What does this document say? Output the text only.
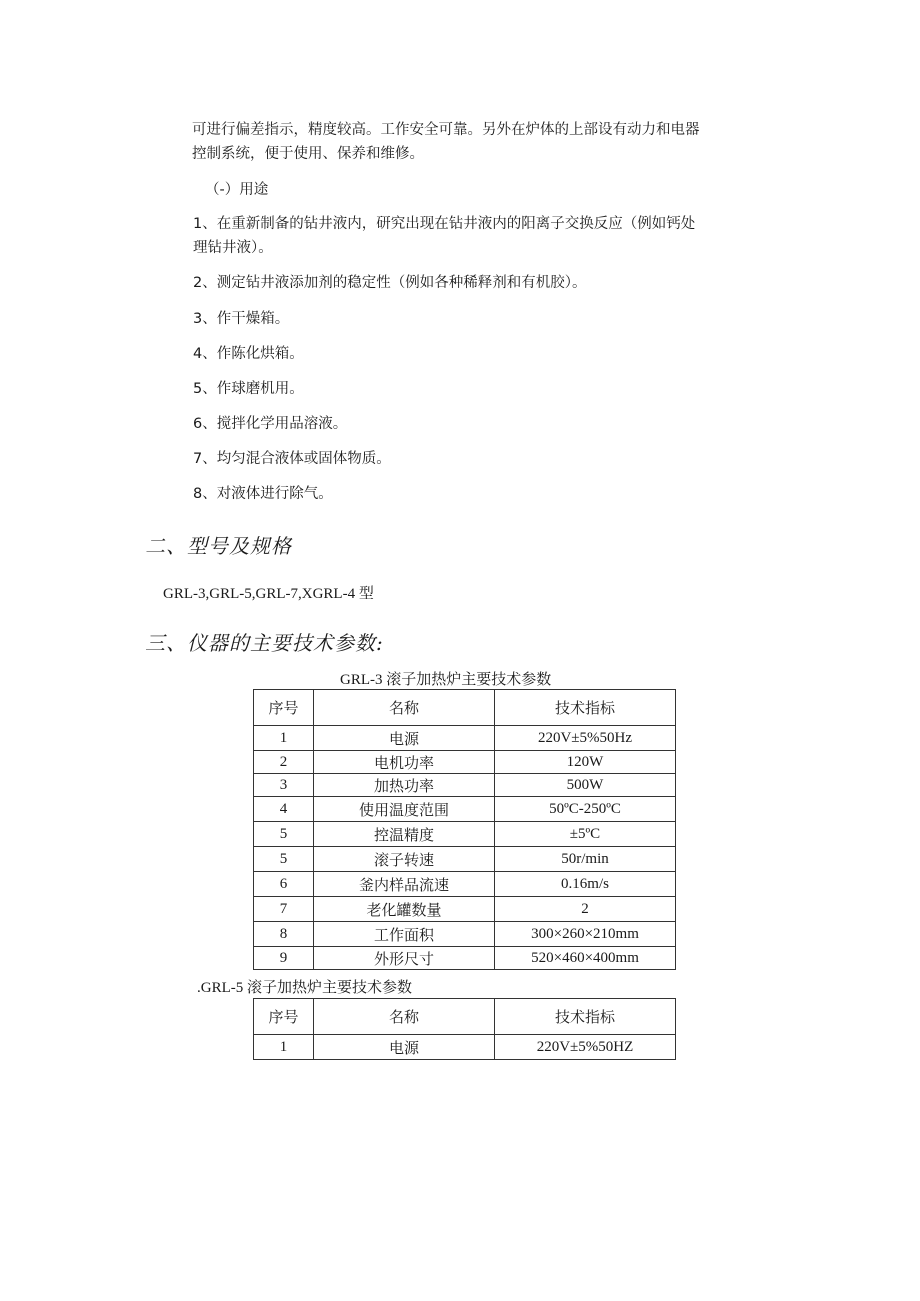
可进行偏差指示，精度较高。工作安全可靠。另外在炉体的上部设有动力和电器
控制系统，便于使用、保养和维修。
（-）用途
1、在重新制备的钻井液内，研究出现在钻井液内的阳离子交换反应（例如钙处
理钻井液）。
2、测定钻井液添加剂的稳定性（例如各种稀释剂和有机胶）。
3、作干燥箱。
4、作陈化烘箱。
5、作球磨机用。
6、搅拌化学用品溶液。
7、均匀混合液体或固体物质。
8、对液体进行除气。
二、型号及规格
GRL-3,GRL-5,GRL-7,XGRL-4 型
三、仪器的主要技术参数:
GRL-3 滚子加热炉主要技术参数
序号	名称	技术指标
1	电源	220V±5%50Hz
2	电机功率	120W
3	加热功率	500W
4	使用温度范围	50ºC-250ºC
5	控温精度	±5ºC
5	滚子转速	50r/min
6	釜内样品流速	0.16m/s
7	老化罐数量	2
8	工作面积	300×260×210mm
9	外形尺寸	520×460×400mm
.GRL-5 滚子加热炉主要技术参数
序号	名称	技术指标
1	电源	220V±5%50HZ
